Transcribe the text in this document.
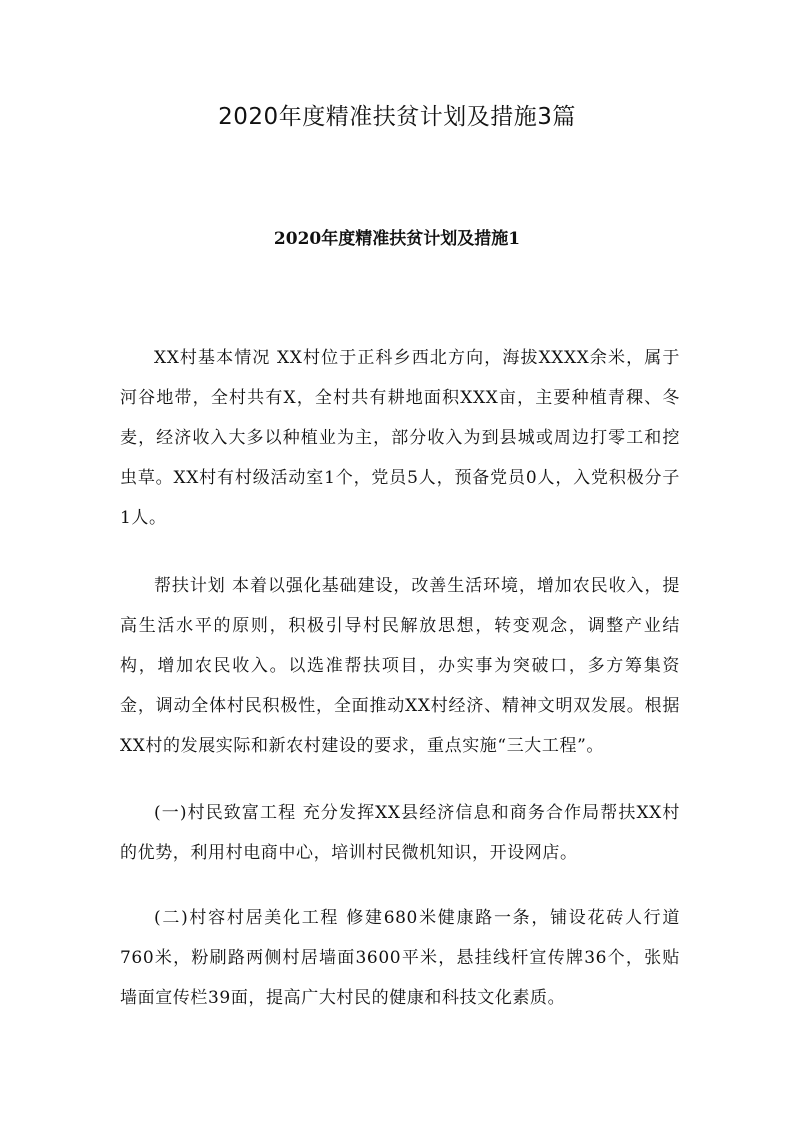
2020年度精准扶贫计划及措施3篇
2020年度精准扶贫计划及措施1

XX村基本情况 XX村位于正科乡西北方向，海拔XXXX余米，属于河谷地带，全村共有X，全村共有耕地面积XXX亩，主要种植青稞、冬麦，经济收入大多以种植业为主，部分收入为到县城或周边打零工和挖虫草。XX村有村级活动室1个，党员5人，预备党员0人，入党积极分子1人。

帮扶计划 本着以强化基础建设，改善生活环境，增加农民收入，提高生活水平的原则，积极引导村民解放思想，转变观念，调整产业结构，增加农民收入。以选准帮扶项目，办实事为突破口，多方筹集资金，调动全体村民积极性，全面推动XX村经济、精神文明双发展。根据XX村的发展实际和新农村建设的要求，重点实施“三大工程”。

(一)村民致富工程 充分发挥XX县经济信息和商务合作局帮扶XX村的优势，利用村电商中心，培训村民微机知识，开设网店。

(二)村容村居美化工程 修建680米健康路一条，铺设花砖人行道760米，粉刷路两侧村居墙面3600平米，悬挂线杆宣传牌36个，张贴墙面宣传栏39面，提高广大村民的健康和科技文化素质。
